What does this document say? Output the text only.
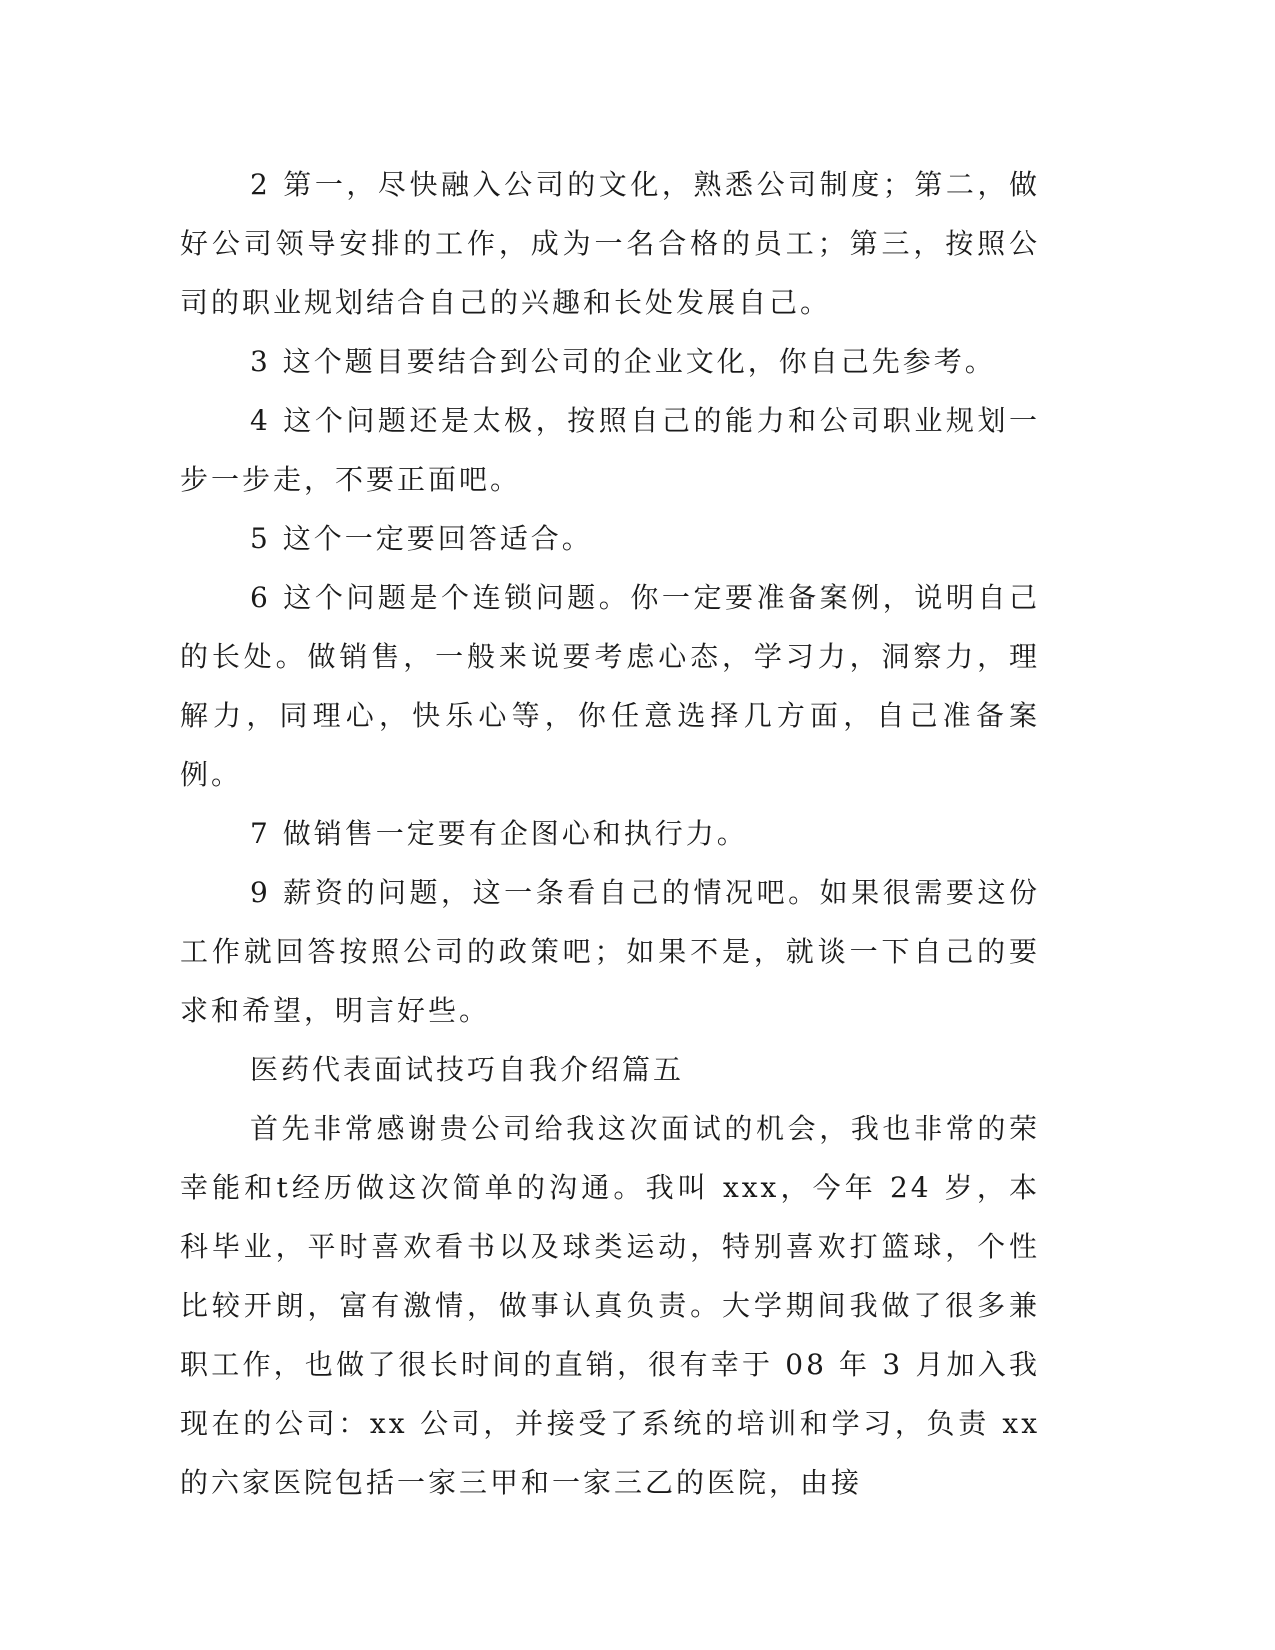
2 第一，尽快融入公司的文化，熟悉公司制度；第二，做好公司领导安排的工作，成为一名合格的员工；第三，按照公司的职业规划结合自己的兴趣和长处发展自己。

3 这个题目要结合到公司的企业文化，你自己先参考。

4 这个问题还是太极，按照自己的能力和公司职业规划一步一步走，不要正面吧。

5 这个一定要回答适合。

6 这个问题是个连锁问题。你一定要准备案例，说明自己的长处。做销售，一般来说要考虑心态，学习力，洞察力，理解力，同理心，快乐心等，你任意选择几方面，自己准备案例。

7 做销售一定要有企图心和执行力。

9 薪资的问题，这一条看自己的情况吧。如果很需要这份工作就回答按照公司的政策吧；如果不是，就谈一下自己的要求和希望，明言好些。

医药代表面试技巧自我介绍篇五

首先非常感谢贵公司给我这次面试的机会，我也非常的荣幸能和t经历做这次简单的沟通。我叫 xxx，今年 24 岁，本科毕业，平时喜欢看书以及球类运动，特别喜欢打篮球，个性比较开朗，富有激情，做事认真负责。大学期间我做了很多兼职工作，也做了很长时间的直销，很有幸于 08 年 3 月加入我现在的公司：xx 公司，并接受了系统的培训和学习，负责 xx 的六家医院包括一家三甲和一家三乙的医院，由接
